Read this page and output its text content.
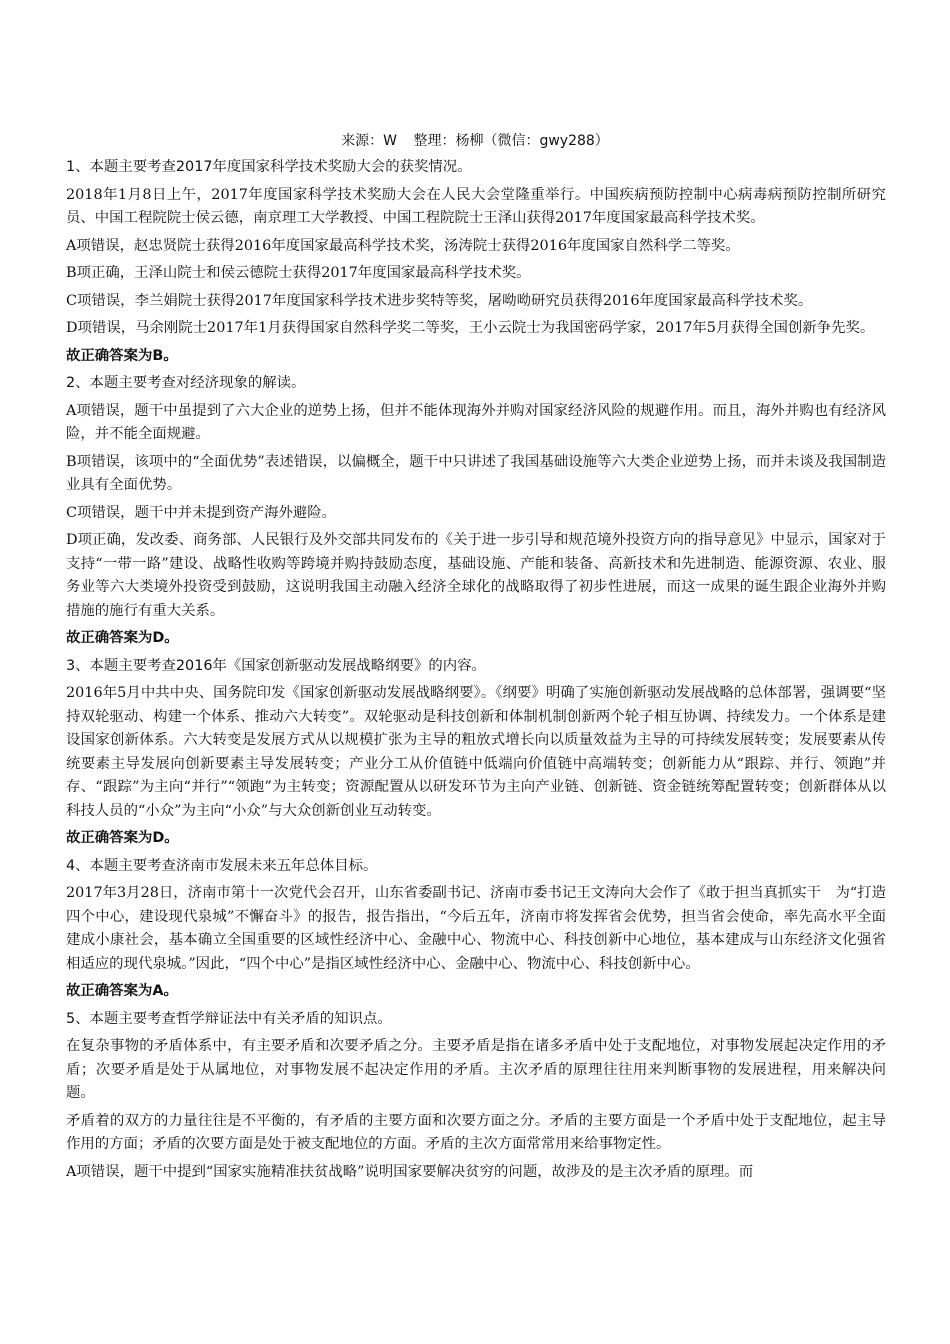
来源：W 整理：杨柳（微信：gwy288）

1、本题主要考查2017年度国家科学技术奖励大会的获奖情况。

2018年1月8日上午，2017年度国家科学技术奖励大会在人民大会堂隆重举行。中国疾病预防控制中心病毒病预防控制所研究员、中国工程院院士侯云德，南京理工大学教授、中国工程院院士王泽山获得2017年度国家最高科学技术奖。

A项错误，赵忠贤院士获得2016年度国家最高科学技术奖，汤涛院士获得2016年度国家自然科学二等奖。

B项正确，王泽山院士和侯云德院士获得2017年度国家最高科学技术奖。

C项错误，李兰娟院士获得2017年度国家科学技术进步奖特等奖，屠呦呦研究员获得2016年度国家最高科学技术奖。

D项错误，马余刚院士2017年1月获得国家自然科学奖二等奖，王小云院士为我国密码学家，2017年5月获得全国创新争先奖。

故正确答案为B。

2、本题主要考查对经济现象的解读。

A项错误，题干中虽提到了六大企业的逆势上扬，但并不能体现海外并购对国家经济风险的规避作用。而且，海外并购也有经济风险，并不能全面规避。

B项错误，该项中的“全面优势”表述错误，以偏概全，题干中只讲述了我国基础设施等六大类企业逆势上扬，而并未谈及我国制造业具有全面优势。

C项错误，题干中并未提到资产海外避险。

D项正确，发改委、商务部、人民银行及外交部共同发布的《关于进一步引导和规范境外投资方向的指导意见》中显示，国家对于支持“一带一路”建设、战略性收购等跨境并购持鼓励态度，基础设施、产能和装备、高新技术和先进制造、能源资源、农业、服务业等六大类境外投资受到鼓励，这说明我国主动融入经济全球化的战略取得了初步性进展，而这一成果的诞生跟企业海外并购措施的施行有重大关系。

故正确答案为D。

3、本题主要考查2016年《国家创新驱动发展战略纲要》的内容。

2016年5月中共中央、国务院印发《国家创新驱动发展战略纲要》。《纲要》明确了实施创新驱动发展战略的总体部署，强调要“坚持双轮驱动、构建一个体系、推动六大转变”。双轮驱动是科技创新和体制机制创新两个轮子相互协调、持续发力。一个体系是建设国家创新体系。六大转变是发展方式从以规模扩张为主导的粗放式增长向以质量效益为主导的可持续发展转变；发展要素从传统要素主导发展向创新要素主导发展转变；产业分工从价值链中低端向价值链中高端转变；创新能力从“跟踪、并行、领跑”并存、“跟踪”为主向“并行”“领跑”为主转变；资源配置从以研发环节为主向产业链、创新链、资金链统筹配置转变；创新群体从以科技人员的“小众”为主向“小众”与大众创新创业互动转变。

故正确答案为D。

4、本题主要考查济南市发展未来五年总体目标。

2017年3月28日，济南市第十一次党代会召开，山东省委副书记、济南市委书记王文涛向大会作了《敢于担当真抓实干　为“打造四个中心，建设现代泉城”不懈奋斗》的报告，报告指出，“今后五年，济南市将发挥省会优势，担当省会使命，率先高水平全面建成小康社会，基本确立全国重要的区域性经济中心、金融中心、物流中心、科技创新中心地位，基本建成与山东经济文化强省相适应的现代泉城。”因此，“四个中心”是指区域性经济中心、金融中心、物流中心、科技创新中心。

故正确答案为A。

5、本题主要考查哲学辩证法中有关矛盾的知识点。

在复杂事物的矛盾体系中，有主要矛盾和次要矛盾之分。主要矛盾是指在诸多矛盾中处于支配地位，对事物发展起决定作用的矛盾；次要矛盾是处于从属地位，对事物发展不起决定作用的矛盾。主次矛盾的原理往往用来判断事物的发展进程，用来解决问题。

矛盾着的双方的力量往往是不平衡的，有矛盾的主要方面和次要方面之分。矛盾的主要方面是一个矛盾中处于支配地位，起主导作用的方面；矛盾的次要方面是处于被支配地位的方面。矛盾的主次方面常常用来给事物定性。

A项错误，题干中提到“国家实施精准扶贫战略”说明国家要解决贫穷的问题，故涉及的是主次矛盾的原理。而
